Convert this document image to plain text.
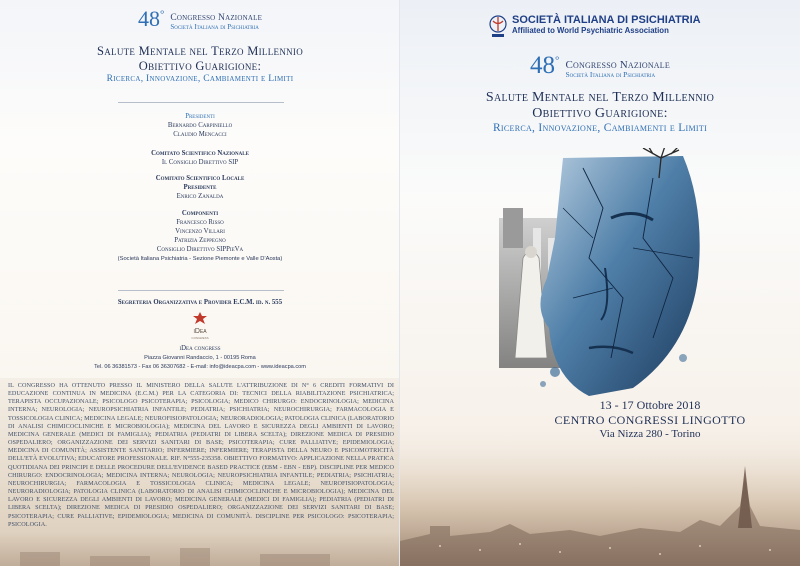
48° Congresso Nazionale
Società Italiana di Psichiatria
Salute Mentale nel Terzo Millennio
Obiettivo Guarigione:
Ricerca, Innovazione, Cambiamenti e Limiti
Presidenti
Bernardo Carpiniello
Claudio Mencacci
Comitato Scientifico Nazionale
Il Consiglio Direttivo SIP
Comitato Scientifico Locale
Presidente
Enrico Zanalda
Componenti
Francesco Risso
Vincenzo Villari
Patrizia Zeppegno
Consiglio Direttivo SIPPieVa
(Società Italiana Psichiatria - Sezione Piemonte e Valle D'Aosta)
Segreteria Organizzativa e Provider E.C.M. id. n. 555
iDea
congress
iDea congress
Piazza Giovanni Randaccio, 1 - 00195 Roma
Tel. 06 36381573 - Fax 06 36307682 - E-mail: info@ideacpa.com - www.ideacpa.com

IL CONGRESSO HA OTTENUTO PRESSO IL MINISTERO DELLA SALUTE L'ATTRIBUZIONE DI N° 6 CREDITI FORMATIVI DI EDUCAZIONE CONTINUA IN MEDICINA (E.C.M.) PER LA CATEGORIA DI: TECNICI DELLA RIABILITAZIONE PSICHIATRICA; TERAPISTA OCCUPAZIONALE; PSICOLOGO PSICOTERAPIA; PSICOLOGIA; MEDICO CHIRURGO: ENDOCRINOLOGIA; MEDICINA INTERNA; NEUROLOGIA; NEUROPSICHIATRIA INFANTILE; PEDIATRIA; PSICHIATRIA; NEUROCHIRURGIA; FARMACOLOGIA E TOSSICOLOGIA CLINICA; MEDICINA LEGALE; NEUROFISIOPATOLOGIA; NEURORADIOLOGIA; PATOLOGIA CLINICA (LABORATORIO DI ANALISI CHIMICOCLINICHE E MICROBIOLOGIA); MEDICINA DEL LAVORO E SICUREZZA DEGLI AMBIENTI DI LAVORO; MEDICINA GENERALE (MEDICI DI FAMIGLIA); PEDIATRIA (PEDIATRI DI LIBERA SCELTA); DIREZIONE MEDICA DI PRESIDIO OSPEDALIERO; ORGANIZZAZIONE DEI SERVIZI SANITARI DI BASE; PSICOTERAPIA; CURE PALLIATIVE; EPIDEMIOLOGIA; MEDICINA DI COMUNITÀ; ASSISTENTE SANITARIO; INFERMIERE; INFERMIERE; TERAPISTA DELLA NEURO E PSICOMOTRICITÀ DELL'ETÀ EVOLUTIVA; EDUCATORE PROFESSIONALE. RIF. N°555-235358. OBIETTIVO FORMATIVO: APPLICAZIONE NELLA PRATICA QUOTIDIANA DEI PRINCIPI E DELLE PROCEDURE DELL'EVIDENCE BASED PRACTICE (EBM - EBN - EBP). DISCIPLINE PER MEDICO CHIRURGO: ENDOCRINOLOGIA; MEDICINA INTERNA; NEUROLOGIA; NEUROPSICHIATRIA INFANTILE; PEDIATRIA; PSICHIATRIA; NEUROCHIRURGIA; FARMACOLOGIA E TOSSICOLOGIA CLINICA; MEDICINA LEGALE; NEUROFISIOPATOLOGIA; NEURORADIOLOGIA; PATOLOGIA CLINICA (LABORATORIO DI ANALISI CHIMICOCLINICHE E MICROBIOLOGIA); MEDICINA DEL LAVORO E SICUREZZA DEGLI AMBIENTI DI LAVORO; MEDICINA GENERALE (MEDICI DI FAMIGLIA); PEDIATRIA (PEDIATRI DI LIBERA SCELTA); DIREZIONE MEDICA DI PRESIDIO OSPEDALIERO; ORGANIZZAZIONE DEI SERVIZI SANITARI DI BASE; PSICOTERAPIA; CURE PALLIATIVE; EPIDEMIOLOGIA; MEDICINA DI COMUNITÀ. DISCIPLINE PER PSICOLOGO: PSICOTERAPIA; PSICOLOGIA.

SOCIETÀ ITALIANA DI PSICHIATRIA
Affiliated to World Psychiatric Association
48° Congresso Nazionale
Società Italiana di Psichiatria
Salute Mentale nel Terzo Millennio
Obiettivo Guarigione:
Ricerca, Innovazione, Cambiamenti e Limiti
13 - 17 Ottobre 2018
CENTRO CONGRESSI LINGOTTO
Via Nizza 280 - Torino
